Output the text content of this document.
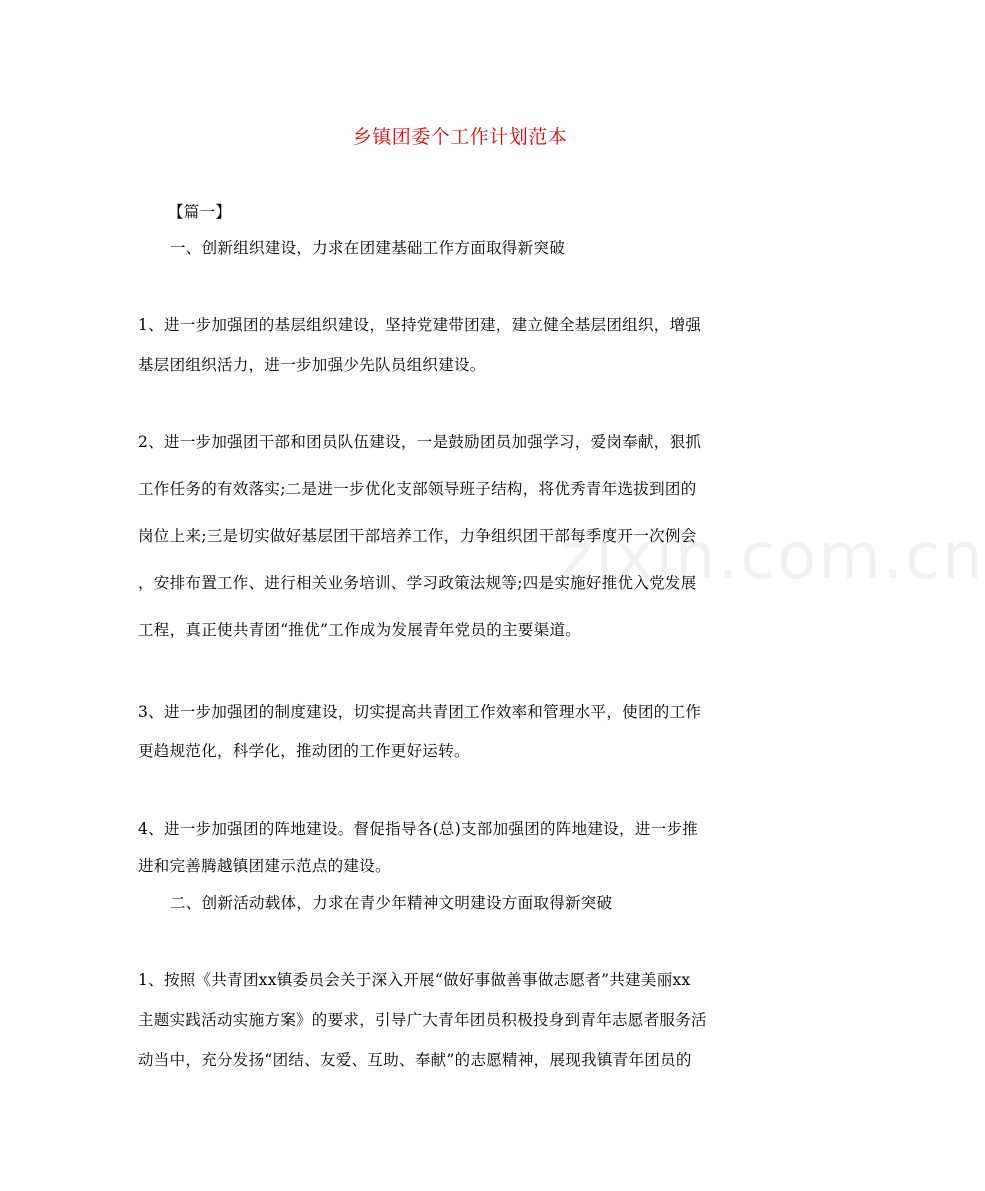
zixin.com.cn
乡镇团委个工作计划范本
【篇一】
一、创新组织建设，力求在团建基础工作方面取得新突破
1、进一步加强团的基层组织建设，坚持党建带团建，建立健全基层团组织，增强
基层团组织活力，进一步加强少先队员组织建设。
2、进一步加强团干部和团员队伍建设，一是鼓励团员加强学习，爱岗奉献，狠抓
工作任务的有效落实;二是进一步优化支部领导班子结构，将优秀青年选拔到团的
岗位上来;三是切实做好基层团干部培养工作，力争组织团干部每季度开一次例会
，安排布置工作、进行相关业务培训、学习政策法规等;四是实施好推优入党发展
工程，真正使共青团“推优”工作成为发展青年党员的主要渠道。
3、进一步加强团的制度建设，切实提高共青团工作效率和管理水平，使团的工作
更趋规范化，科学化，推动团的工作更好运转。
4、进一步加强团的阵地建设。督促指导各(总)支部加强团的阵地建设，进一步推
进和完善腾越镇团建示范点的建设。
二、创新活动载体，力求在青少年精神文明建设方面取得新突破
1、按照《共青团xx镇委员会关于深入开展“做好事做善事做志愿者”共建美丽xx
主题实践活动实施方案》的要求，引导广大青年团员积极投身到青年志愿者服务活
动当中，充分发扬“团结、友爱、互助、奉献”的志愿精神，展现我镇青年团员的
